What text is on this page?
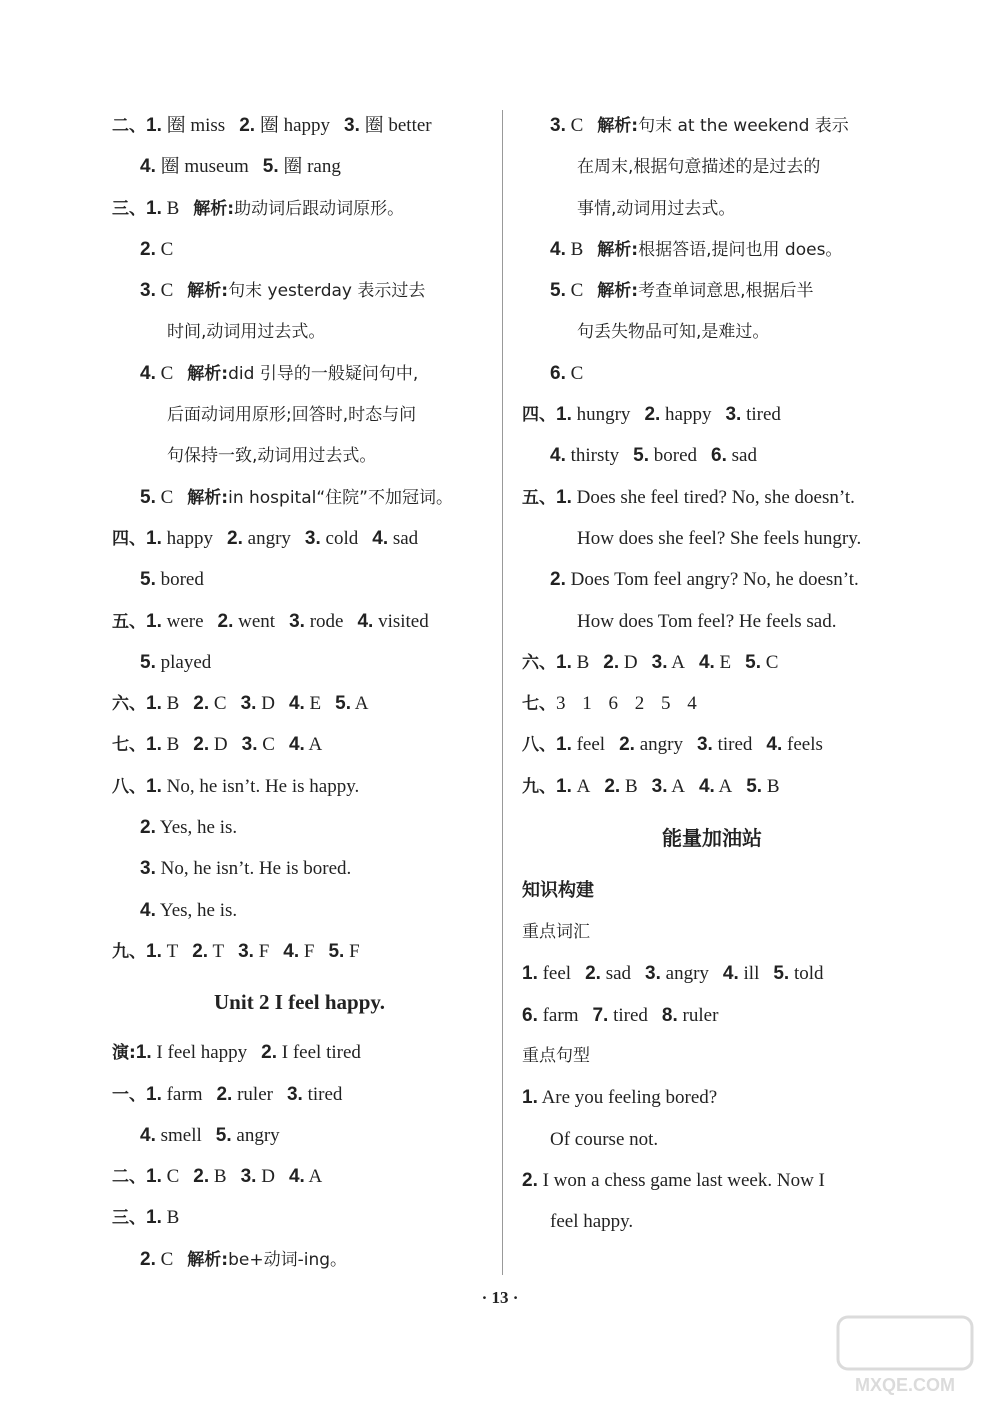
二、1. 圈 miss 2. 圈 happy 3. 圈 better
4. 圈 museum 5. 圈 rang
三、1. B 解析:助动词后跟动词原形。
2. C
3. C 解析:句末 yesterday 表示过去
时间,动词用过去式。
4. C 解析:did 引导的一般疑问句中,
后面动词用原形;回答时,时态与问
句保持一致,动词用过去式。
5. C 解析:in hospital“住院”不加冠词。
四、1. happy 2. angry 3. cold 4. sad
5. bored
五、1. were 2. went 3. rode 4. visited
5. played
六、1. B 2. C 3. D 4. E 5. A
七、1. B 2. D 3. C 4. A
八、1. No, he isn’t. He is happy.
2. Yes, he is.
3. No, he isn’t. He is bored.
4. Yes, he is.
九、1. T 2. T 3. F 4. F 5. F
Unit 2 I feel happy.
演:1. I feel happy 2. I feel tired
一、1. farm 2. ruler 3. tired
4. smell 5. angry
二、1. C 2. B 3. D 4. A
三、1. B
2. C 解析:be+动词-ing。
3. C 解析:句末 at the weekend 表示
在周末,根据句意描述的是过去的
事情,动词用过去式。
4. B 解析:根据答语,提问也用 does。
5. C 解析:考查单词意思,根据后半
句丢失物品可知,是难过。
6. C
四、1. hungry 2. happy 3. tired
4. thirsty 5. bored 6. sad
五、1. Does she feel tired? No, she doesn’t.
How does she feel? She feels hungry.
2. Does Tom feel angry? No, he doesn’t.
How does Tom feel? He feels sad.
六、1. B 2. D 3. A 4. E 5. C
七、3 1 6 2 5 4
八、1. feel 2. angry 3. tired 4. feels
九、1. A 2. B 3. A 4. A 5. B
能量加油站
知识构建
重点词汇
1. feel 2. sad 3. angry 4. ill 5. told
6. farm 7. tired 8. ruler
重点句型
1. Are you feeling bored?
Of course not.
2. I won a chess game last week. Now I
feel happy.
· 13 ·
MXQE.COM
